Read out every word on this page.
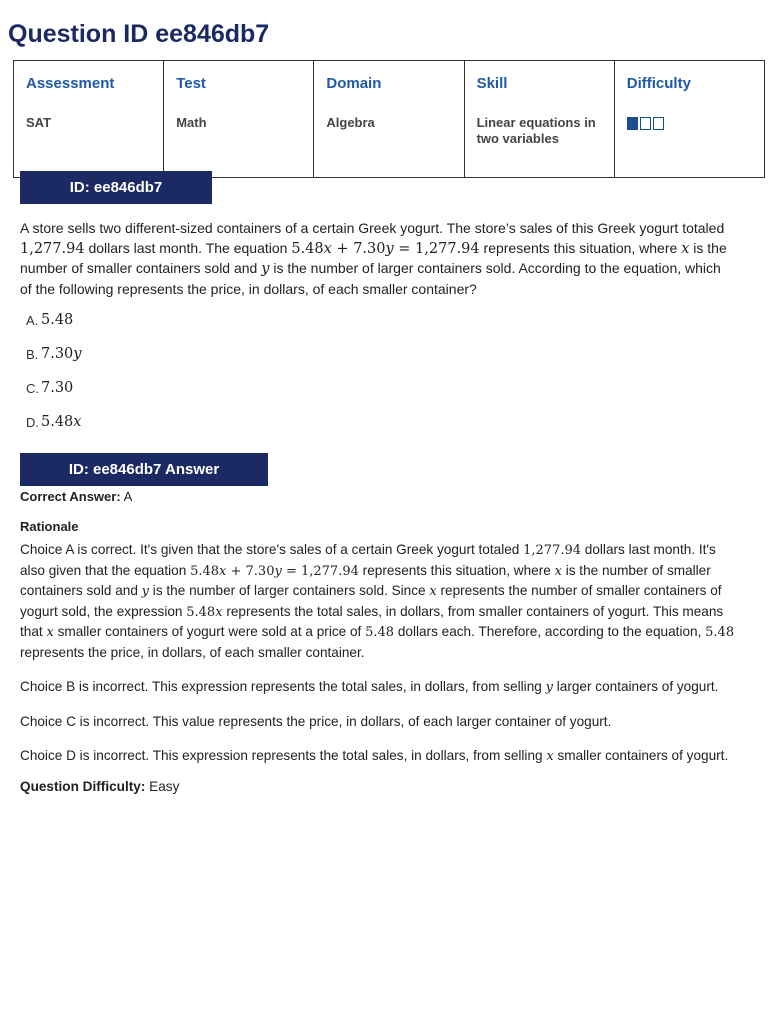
Question ID ee846db7
Assessment	Test	Domain	Skill	Difficulty
SAT	Math	Algebra	Linear equations in two variables	
ID: ee846db7

A store sells two different-sized containers of a certain Greek yogurt. The store’s sales of this Greek yogurt totaled 1,277.94 dollars last month. The equation 5.48x + 7.30y = 1,277.94 represents this situation, where x is the number of smaller containers sold and y is the number of larger containers sold. According to the equation, which of the following represents the price, in dollars, of each smaller container?

A. 5.48
B. 7.30y
C. 7.30
D. 5.48x
ID: ee846db7 Answer
Correct Answer: A
Rationale

Choice A is correct. It's given that the store's sales of a certain Greek yogurt totaled 1,277.94 dollars last month. It's also given that the equation 5.48x + 7.30y = 1,277.94 represents this situation, where x is the number of smaller containers sold and y is the number of larger containers sold. Since x represents the number of smaller containers of yogurt sold, the expression 5.48x represents the total sales, in dollars, from smaller containers of yogurt. This means that x smaller containers of yogurt were sold at a price of 5.48 dollars each. Therefore, according to the equation, 5.48 represents the price, in dollars, of each smaller container.

Choice B is incorrect. This expression represents the total sales, in dollars, from selling y larger containers of yogurt.

Choice C is incorrect. This value represents the price, in dollars, of each larger container of yogurt.

Choice D is incorrect. This expression represents the total sales, in dollars, from selling x smaller containers of yogurt.

Question Difficulty: Easy
